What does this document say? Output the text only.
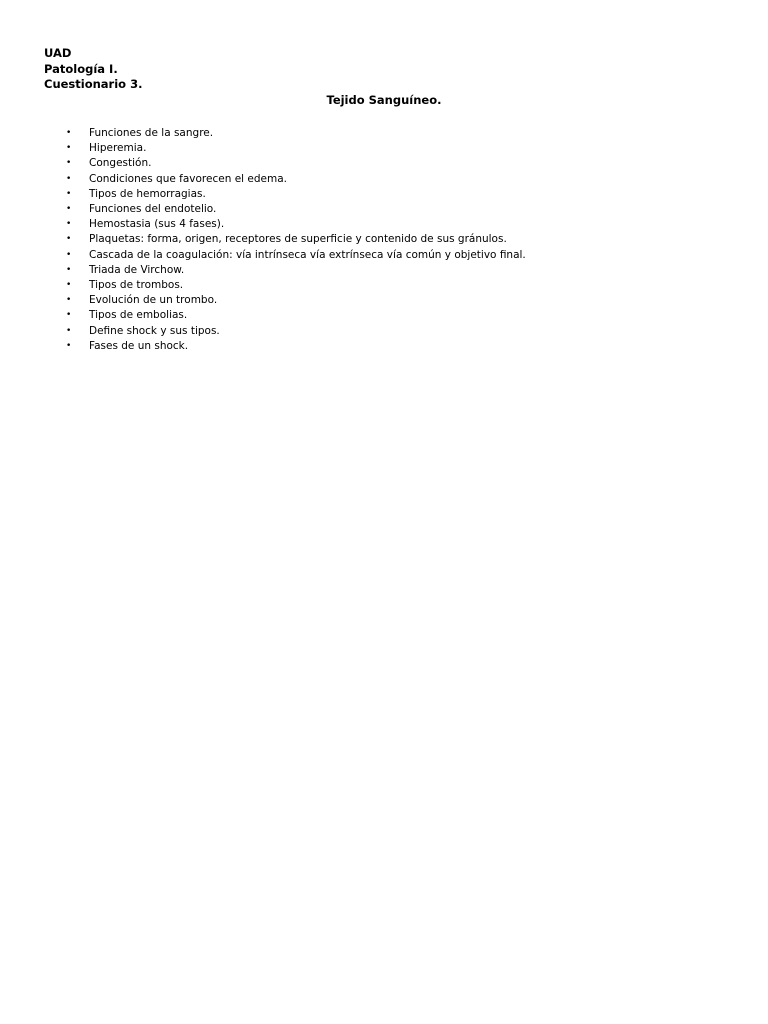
UAD
Patología I.
Cuestionario 3.
Tejido Sanguíneo.
• Funciones de la sangre.
• Hiperemia.
• Congestión.
• Condiciones que favorecen el edema.
• Tipos de hemorragias.
• Funciones del endotelio.
• Hemostasia (sus 4 fases).
• Plaquetas: forma, origen, receptores de superficie y contenido de sus gránulos.
• Cascada de la coagulación: vía intrínseca vía extrínseca vía común y objetivo final.
• Triada de Virchow.
• Tipos de trombos.
• Evolución de un trombo.
• Tipos de embolias.
• Define shock y sus tipos.
• Fases de un shock.
